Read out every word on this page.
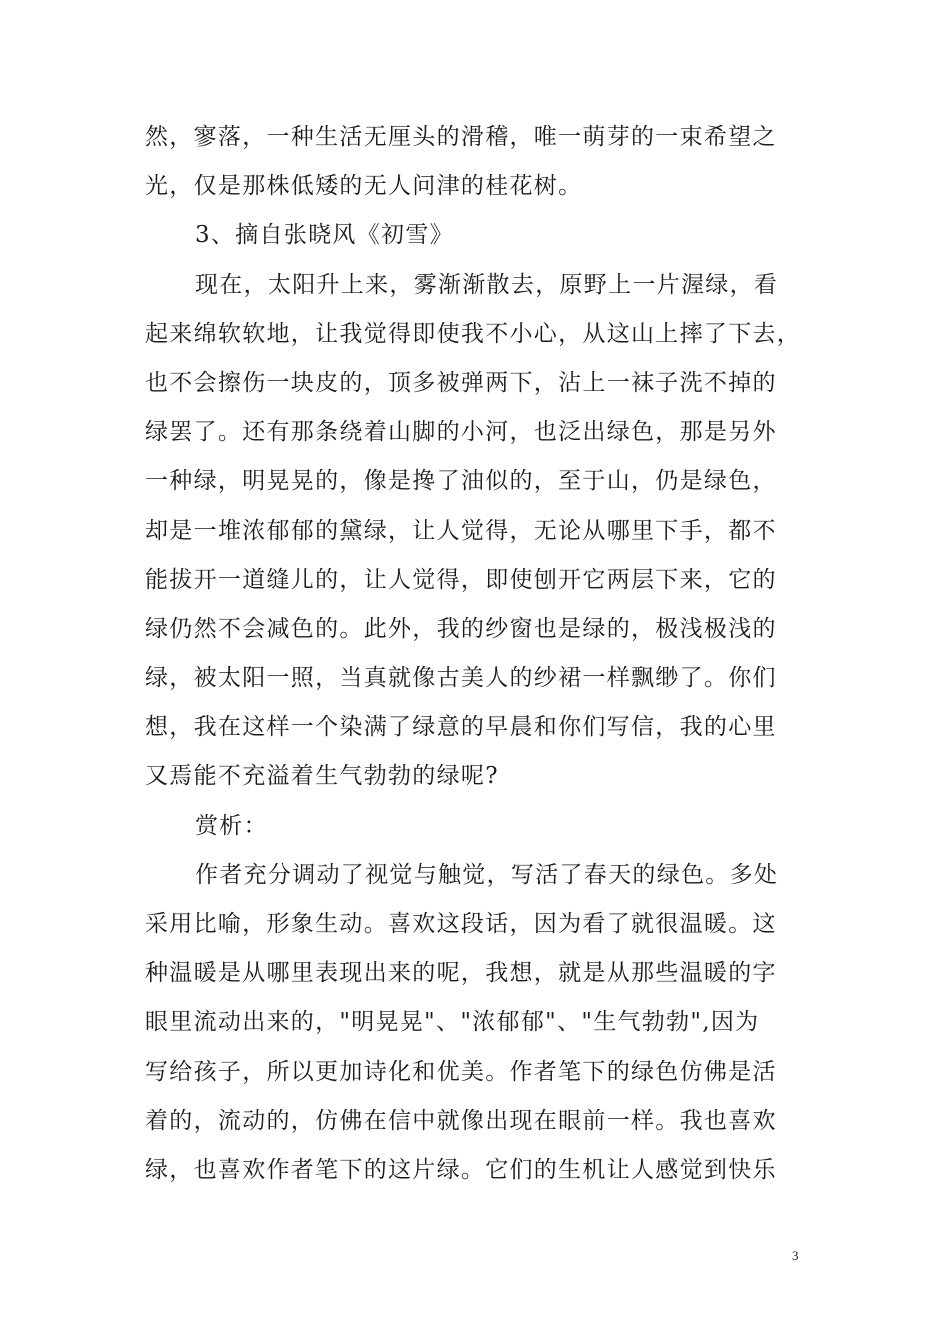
然，寥落，一种生活无厘头的滑稽，唯一萌芽的一束希望之
光，仅是那株低矮的无人问津的桂花树。
3、摘自张晓风《初雪》
现在，太阳升上来，雾渐渐散去，原野上一片渥绿，看
起来绵软软地，让我觉得即使我不小心，从这山上摔了下去，
也不会擦伤一块皮的，顶多被弹两下，沾上一袜子洗不掉的
绿罢了。还有那条绕着山脚的小河，也泛出绿色，那是另外
一种绿，明晃晃的，像是搀了油似的，至于山，仍是绿色，
却是一堆浓郁郁的黛绿，让人觉得，无论从哪里下手，都不
能拔开一道缝儿的，让人觉得，即使刨开它两层下来，它的
绿仍然不会减色的。此外，我的纱窗也是绿的，极浅极浅的
绿，被太阳一照，当真就像古美人的纱裙一样飘缈了。你们
想，我在这样一个染满了绿意的早晨和你们写信，我的心里
又焉能不充溢着生气勃勃的绿呢?
赏析：
作者充分调动了视觉与触觉，写活了春天的绿色。多处
采用比喻，形象生动。喜欢这段话，因为看了就很温暖。这
种温暖是从哪里表现出来的呢，我想，就是从那些温暖的字
眼里流动出来的，"明晃晃"、"浓郁郁"、"生气勃勃",因为
写给孩子，所以更加诗化和优美。作者笔下的绿色仿佛是活
着的，流动的，仿佛在信中就像出现在眼前一样。我也喜欢
绿，也喜欢作者笔下的这片绿。它们的生机让人感觉到快乐
3
